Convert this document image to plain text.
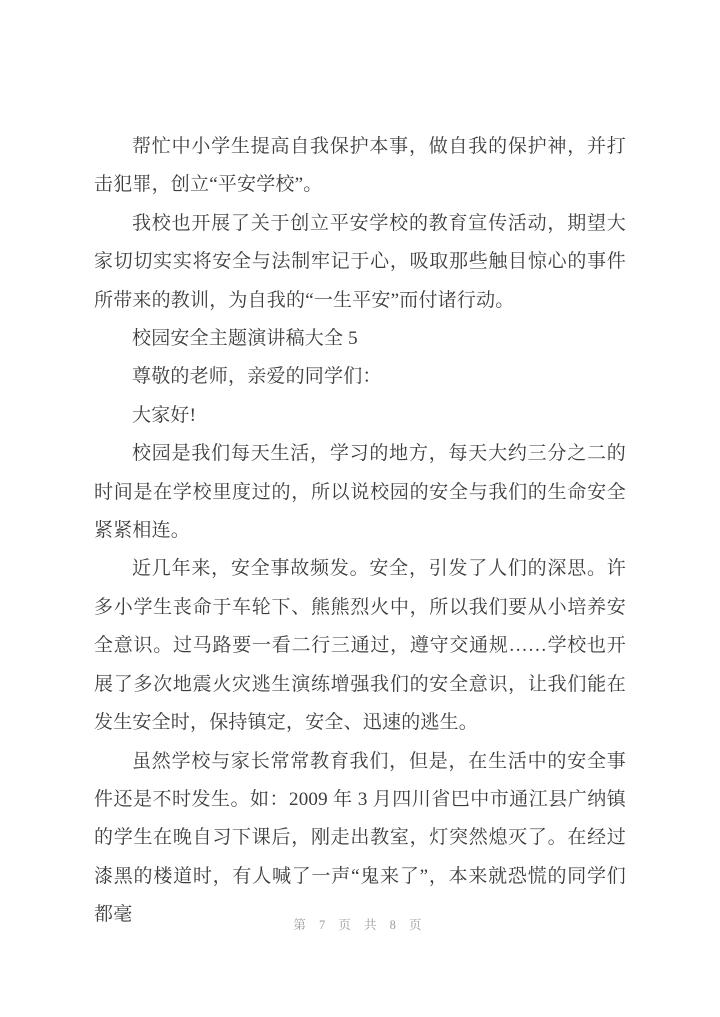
帮忙中小学生提高自我保护本事，做自我的保护神，并打击犯罪，创立“平安学校”。

我校也开展了关于创立平安学校的教育宣传活动，期望大家切切实实将安全与法制牢记于心，吸取那些触目惊心的事件所带来的教训，为自我的“一生平安”而付诸行动。

校园安全主题演讲稿大全 5

尊敬的老师，亲爱的同学们：

大家好!

校园是我们每天生活，学习的地方，每天大约三分之二的时间是在学校里度过的，所以说校园的安全与我们的生命安全紧紧相连。

近几年来，安全事故频发。安全，引发了人们的深思。许多小学生丧命于车轮下、熊熊烈火中，所以我们要从小培养安全意识。过马路要一看二行三通过，遵守交通规……学校也开展了多次地震火灾逃生演练增强我们的安全意识，让我们能在发生安全时，保持镇定，安全、迅速的逃生。

虽然学校与家长常常教育我们，但是，在生活中的安全事件还是不时发生。如：2009 年 3 月四川省巴中市通江县广纳镇的学生在晚自习下课后，刚走出教室，灯突然熄灭了。在经过漆黑的楼道时，有人喊了一声“鬼来了”，本来就恐慌的同学们都毫	第 7 页 共 8 页
